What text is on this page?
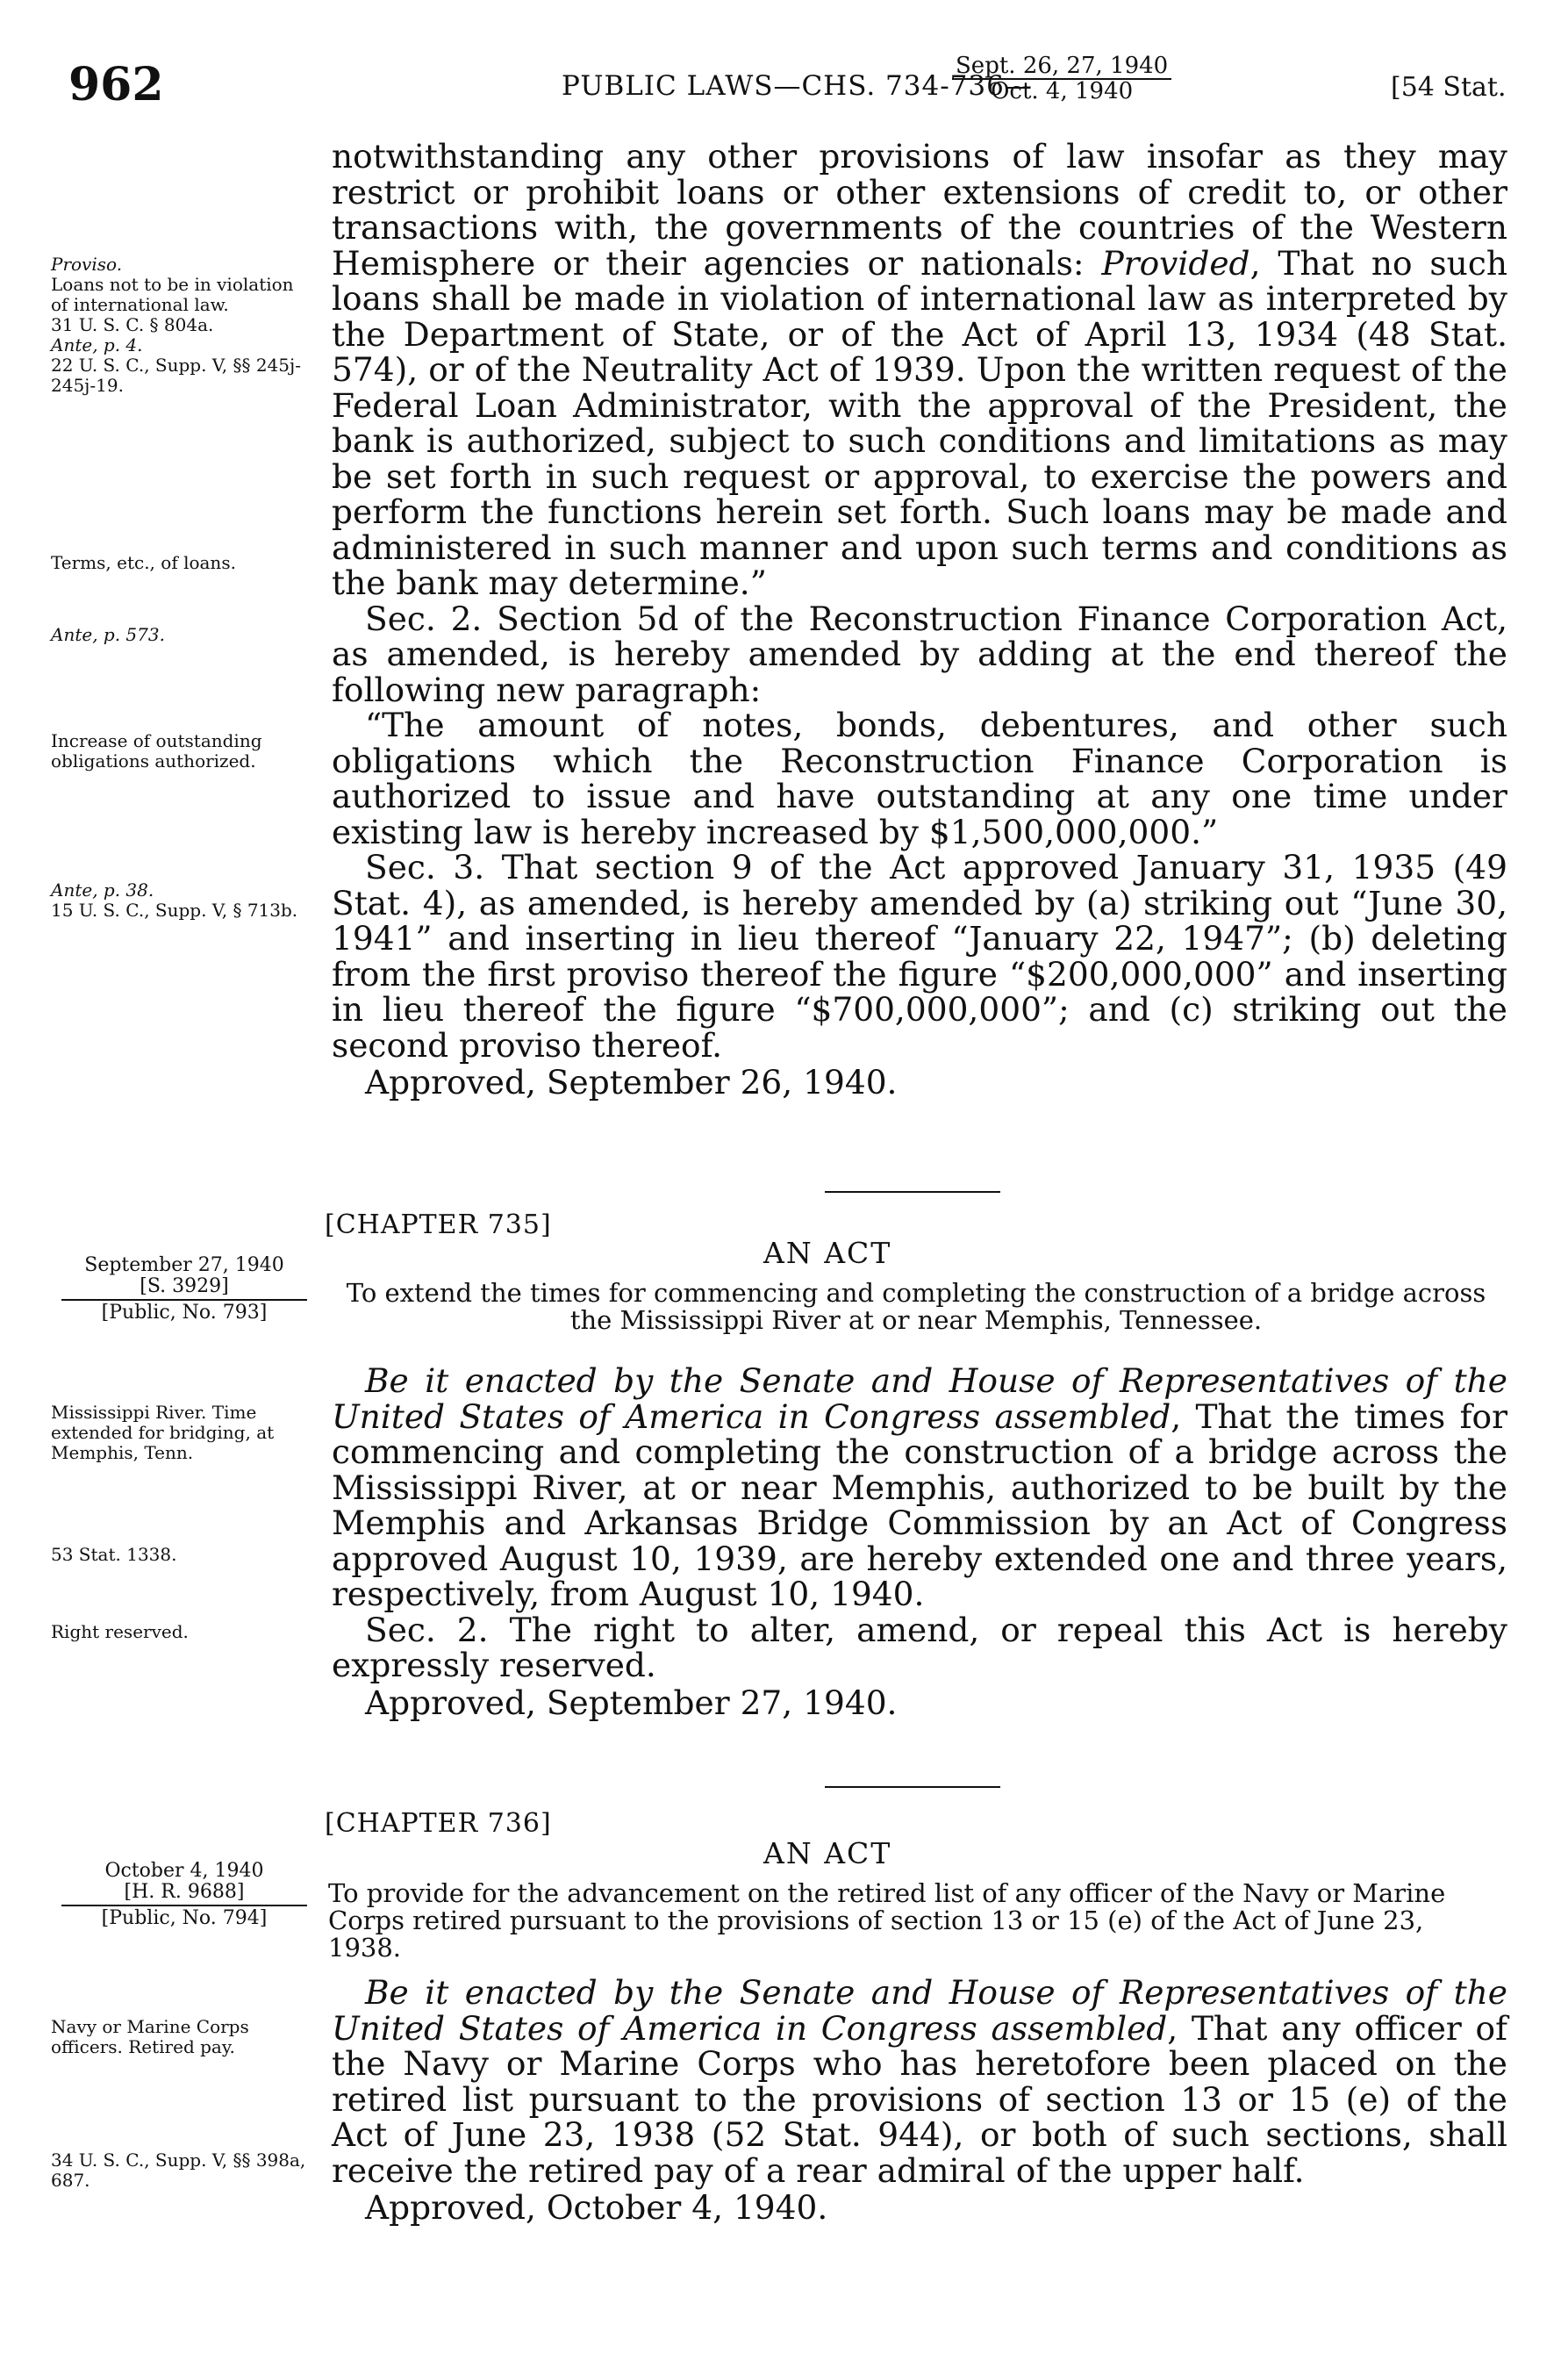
962	PUBLIC LAWS—CHS. 734-736—
Sept. 26, 27, 1940
Oct. 4, 1940	[54 Stat.
Proviso.
Loans not to be in violation of international law.
31 U. S. C. § 804a.
Ante, p. 4.
22 U. S. C., Supp. V, §§ 245j-245j-19.
Terms, etc., of loans.
Ante, p. 573.
Increase of outstanding obligations authorized.
Ante, p. 38.
15 U. S. C., Supp. V, § 713b.
[CHAPTER 735]
AN ACT
To extend the times for commencing and completing the construction of a bridge across the Mississippi River at or near Memphis, Tennessee.
September 27, 1940
[S. 3929]
[Public, No. 793]
Mississippi River. Time extended for bridging, at Memphis, Tenn.
53 Stat. 1338.
Right reserved.
[CHAPTER 736]
AN ACT
To provide for the advancement on the retired list of any officer of the Navy or Marine Corps retired pursuant to the provisions of section 13 or 15 (e) of the Act of June 23, 1938.
October 4, 1940
[H. R. 9688]
[Public, No. 794]
Navy or Marine Corps officers. Retired pay.
34 U. S. C., Supp. V, §§ 398a, 687.

notwithstanding any other provisions of law insofar as they may restrict or prohibit loans or other extensions of credit to, or other transactions with, the governments of the countries of the Western Hemisphere or their agencies or nationals: Provided, That no such loans shall be made in violation of international law as interpreted by the Department of State, or of the Act of April 13, 1934 (48 Stat. 574), or of the Neutrality Act of 1939. Upon the written request of the Federal Loan Administrator, with the approval of the President, the bank is authorized, subject to such conditions and limitations as may be set forth in such request or approval, to exercise the powers and perform the functions herein set forth. Such loans may be made and administered in such manner and upon such terms and conditions as the bank may determine.”

Sec. 2. Section 5d of the Reconstruction Finance Corporation Act, as amended, is hereby amended by adding at the end thereof the following new paragraph:

“The amount of notes, bonds, debentures, and other such obligations which the Reconstruction Finance Corporation is authorized to issue and have outstanding at any one time under existing law is hereby increased by $1,500,000,000.”

Sec. 3. That section 9 of the Act approved January 31, 1935 (49 Stat. 4), as amended, is hereby amended by (a) striking out “June 30, 1941” and inserting in lieu thereof “January 22, 1947”; (b) deleting from the first proviso thereof the figure “$200,000,000” and inserting in lieu thereof the figure “$700,000,000”; and (c) striking out the second proviso thereof.

Approved, September 26, 1940.

Be it enacted by the Senate and House of Representatives of the United States of America in Congress assembled, That the times for commencing and completing the construction of a bridge across the Mississippi River, at or near Memphis, authorized to be built by the Memphis and Arkansas Bridge Commission by an Act of Congress approved August 10, 1939, are hereby extended one and three years, respectively, from August 10, 1940.

Sec. 2. The right to alter, amend, or repeal this Act is hereby expressly reserved.

Approved, September 27, 1940.

Be it enacted by the Senate and House of Representatives of the United States of America in Congress assembled, That any officer of the Navy or Marine Corps who has heretofore been placed on the retired list pursuant to the provisions of section 13 or 15 (e) of the Act of June 23, 1938 (52 Stat. 944), or both of such sections, shall receive the retired pay of a rear admiral of the upper half.

Approved, October 4, 1940.
